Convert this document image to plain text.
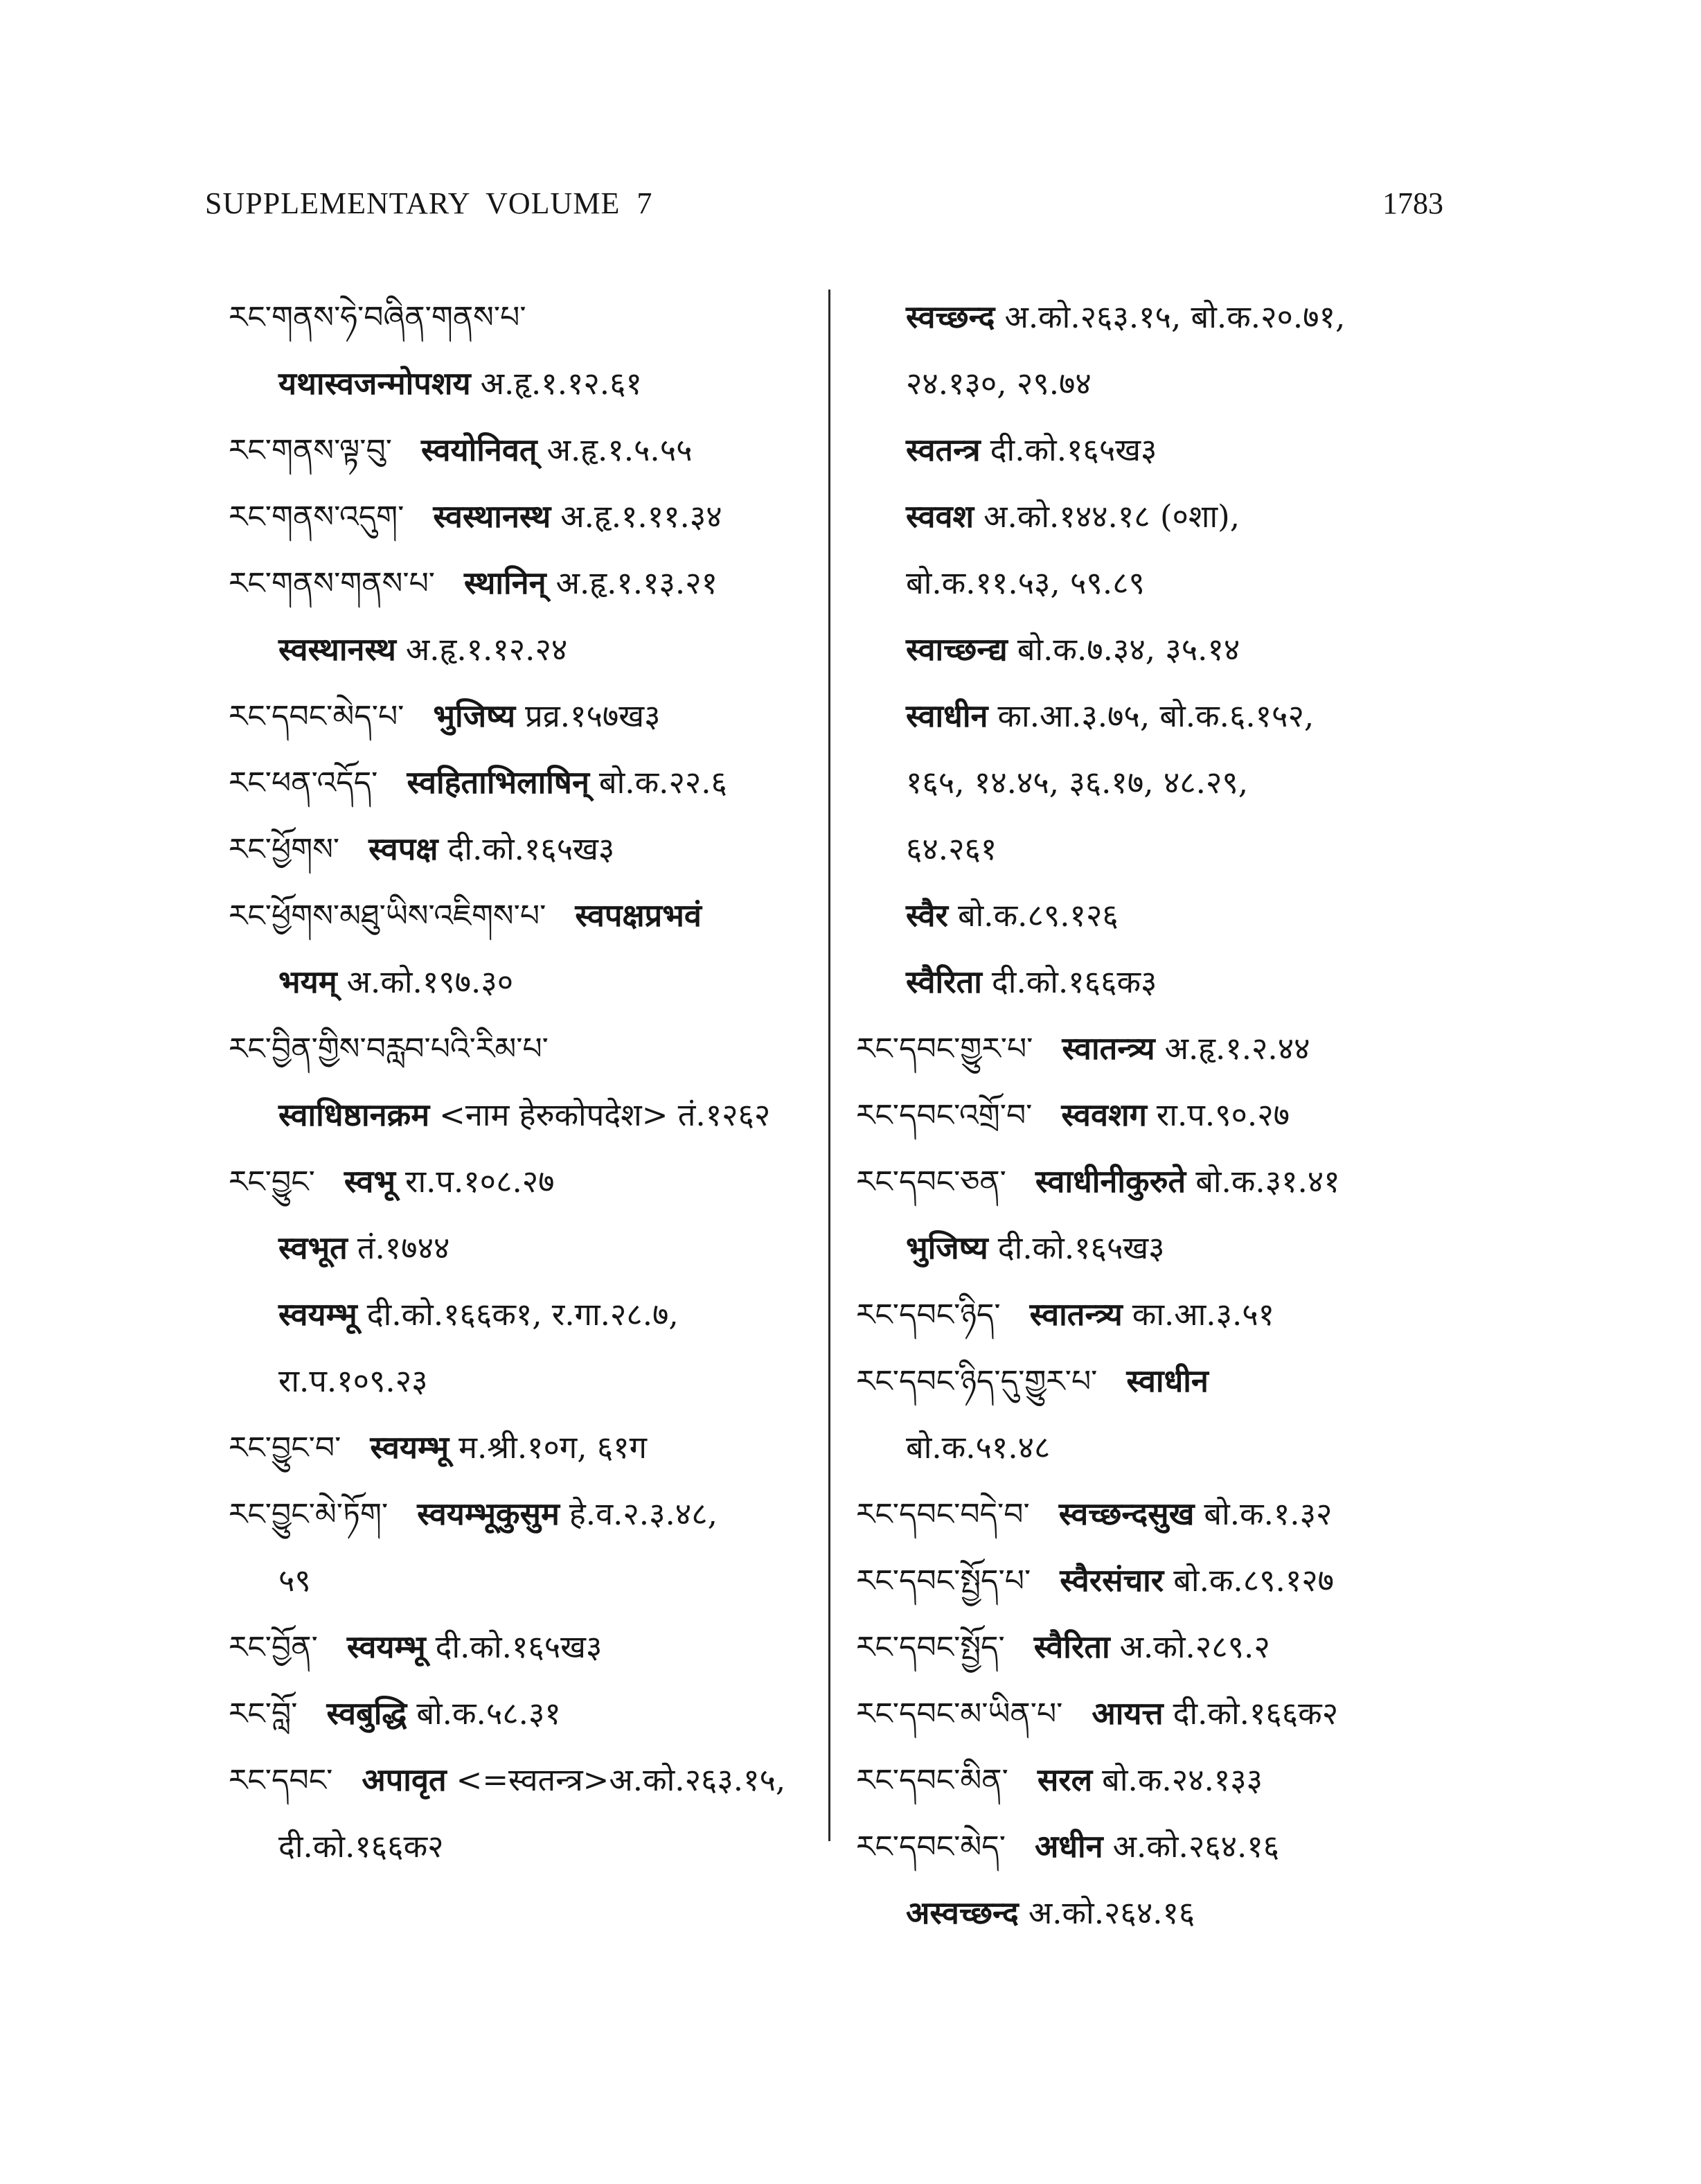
SUPPLEMENTARY  VOLUME  7	1783
རང་གནས་ཧེ་བཞིན་གནས་པ་
यथास्वजन्मोपशय अ.हृ.१.१२.६१
རང་གནས་ལྟ་བུ་ स्वयोनिवत् अ.हृ.१.५.५५
རང་གནས་འདུག་ स्वस्थानस्थ अ.हृ.१.११.३४
རང་གནས་གནས་པ་ स्थानिन् अ.हृ.१.१३.२१
स्वस्थानस्थ अ.हृ.१.१२.२४
རང་དབང་མེད་པ་ भुजिष्य प्रव्र.१५७ख३
རང་ཕན་འདོད་ स्वहिताभिलाषिन् बो.क.२२.६
རང་ཕྱོགས་ स्वपक्ष दी.को.१६५ख३
རང་ཕྱོགས་མཐུ་ཡིས་འཇིགས་པ་ स्वपक्षप्रभवं
भयम् अ.को.१९७.३०
རང་བྱིན་གྱིས་བརླབ་པའི་རིམ་པ་
स्वाधिष्ठानक्रम <नाम हेरुकोपदेश> तं.१२६२
རང་བྱུང་ स्वभू रा.प.१०८.२७
स्वभूत तं.१७४४
स्वयम्भू दी.को.१६६क१, र.गा.२८.७,
रा.प.१०९.२३
རང་བྱུང་བ་ स्वयम्भू म.श्री.१०ग, ६१ग
རང་བྱུང་མེ་ཏོག་ स्वयम्भूकुसुम हे.व.२.३.४८,
५९
རང་བྱོན་ स्वयम्भू दी.को.१६५ख३
རང་བློ་ स्वबुद्धि बो.क.५८.३१
རང་དབང་ अपावृत <=स्वतन्त्र>अ.को.२६३.१५,
दी.को.१६६क२
स्वच्छन्द अ.को.२६३.१५, बो.क.२०.७१,
२४.१३०, २९.७४
स्वतन्त्र दी.को.१६५ख३
स्ववश अ.को.१४४.१८ (०शा),
बो.क.११.५३, ५९.८९
स्वाच्छन्द्य बो.क.७.३४, ३५.१४
स्वाधीन का.आ.३.७५, बो.क.६.१५२,
१६५, १४.४५, ३६.१७, ४८.२९,
६४.२६१
स्वैर बो.क.८९.१२६
स्वैरिता दी.को.१६६क३
རང་དབང་གྱུར་པ་ स्वातन्त्र्य अ.हृ.१.२.४४
རང་དབང་འགྲོ་བ་ स्ववशग रा.प.९०.२७
རང་དབང་ཅན་ स्वाधीनीकुरुते बो.क.३१.४१
भुजिष्य दी.को.१६५ख३
རང་དབང་ཉིད་ स्वातन्त्र्य का.आ.३.५१
རང་དབང་ཉིད་དུ་གྱུར་པ་ स्वाधीन
बो.क.५१.४८
རང་དབང་བདེ་བ་ स्वच्छन्दसुख बो.क.१.३२
རང་དབང་སྤྱོད་པ་ स्वैरसंचार बो.क.८९.१२७
རང་དབང་སྤྱོད་ स्वैरिता अ.को.२८९.२
རང་དབང་མ་ཡིན་པ་ आयत्त दी.को.१६६क२
རང་དབང་མིན་ सरल बो.क.२४.१३३
རང་དབང་མེད་ अधीन अ.को.२६४.१६
अस्वच्छन्द अ.को.२६४.१६
